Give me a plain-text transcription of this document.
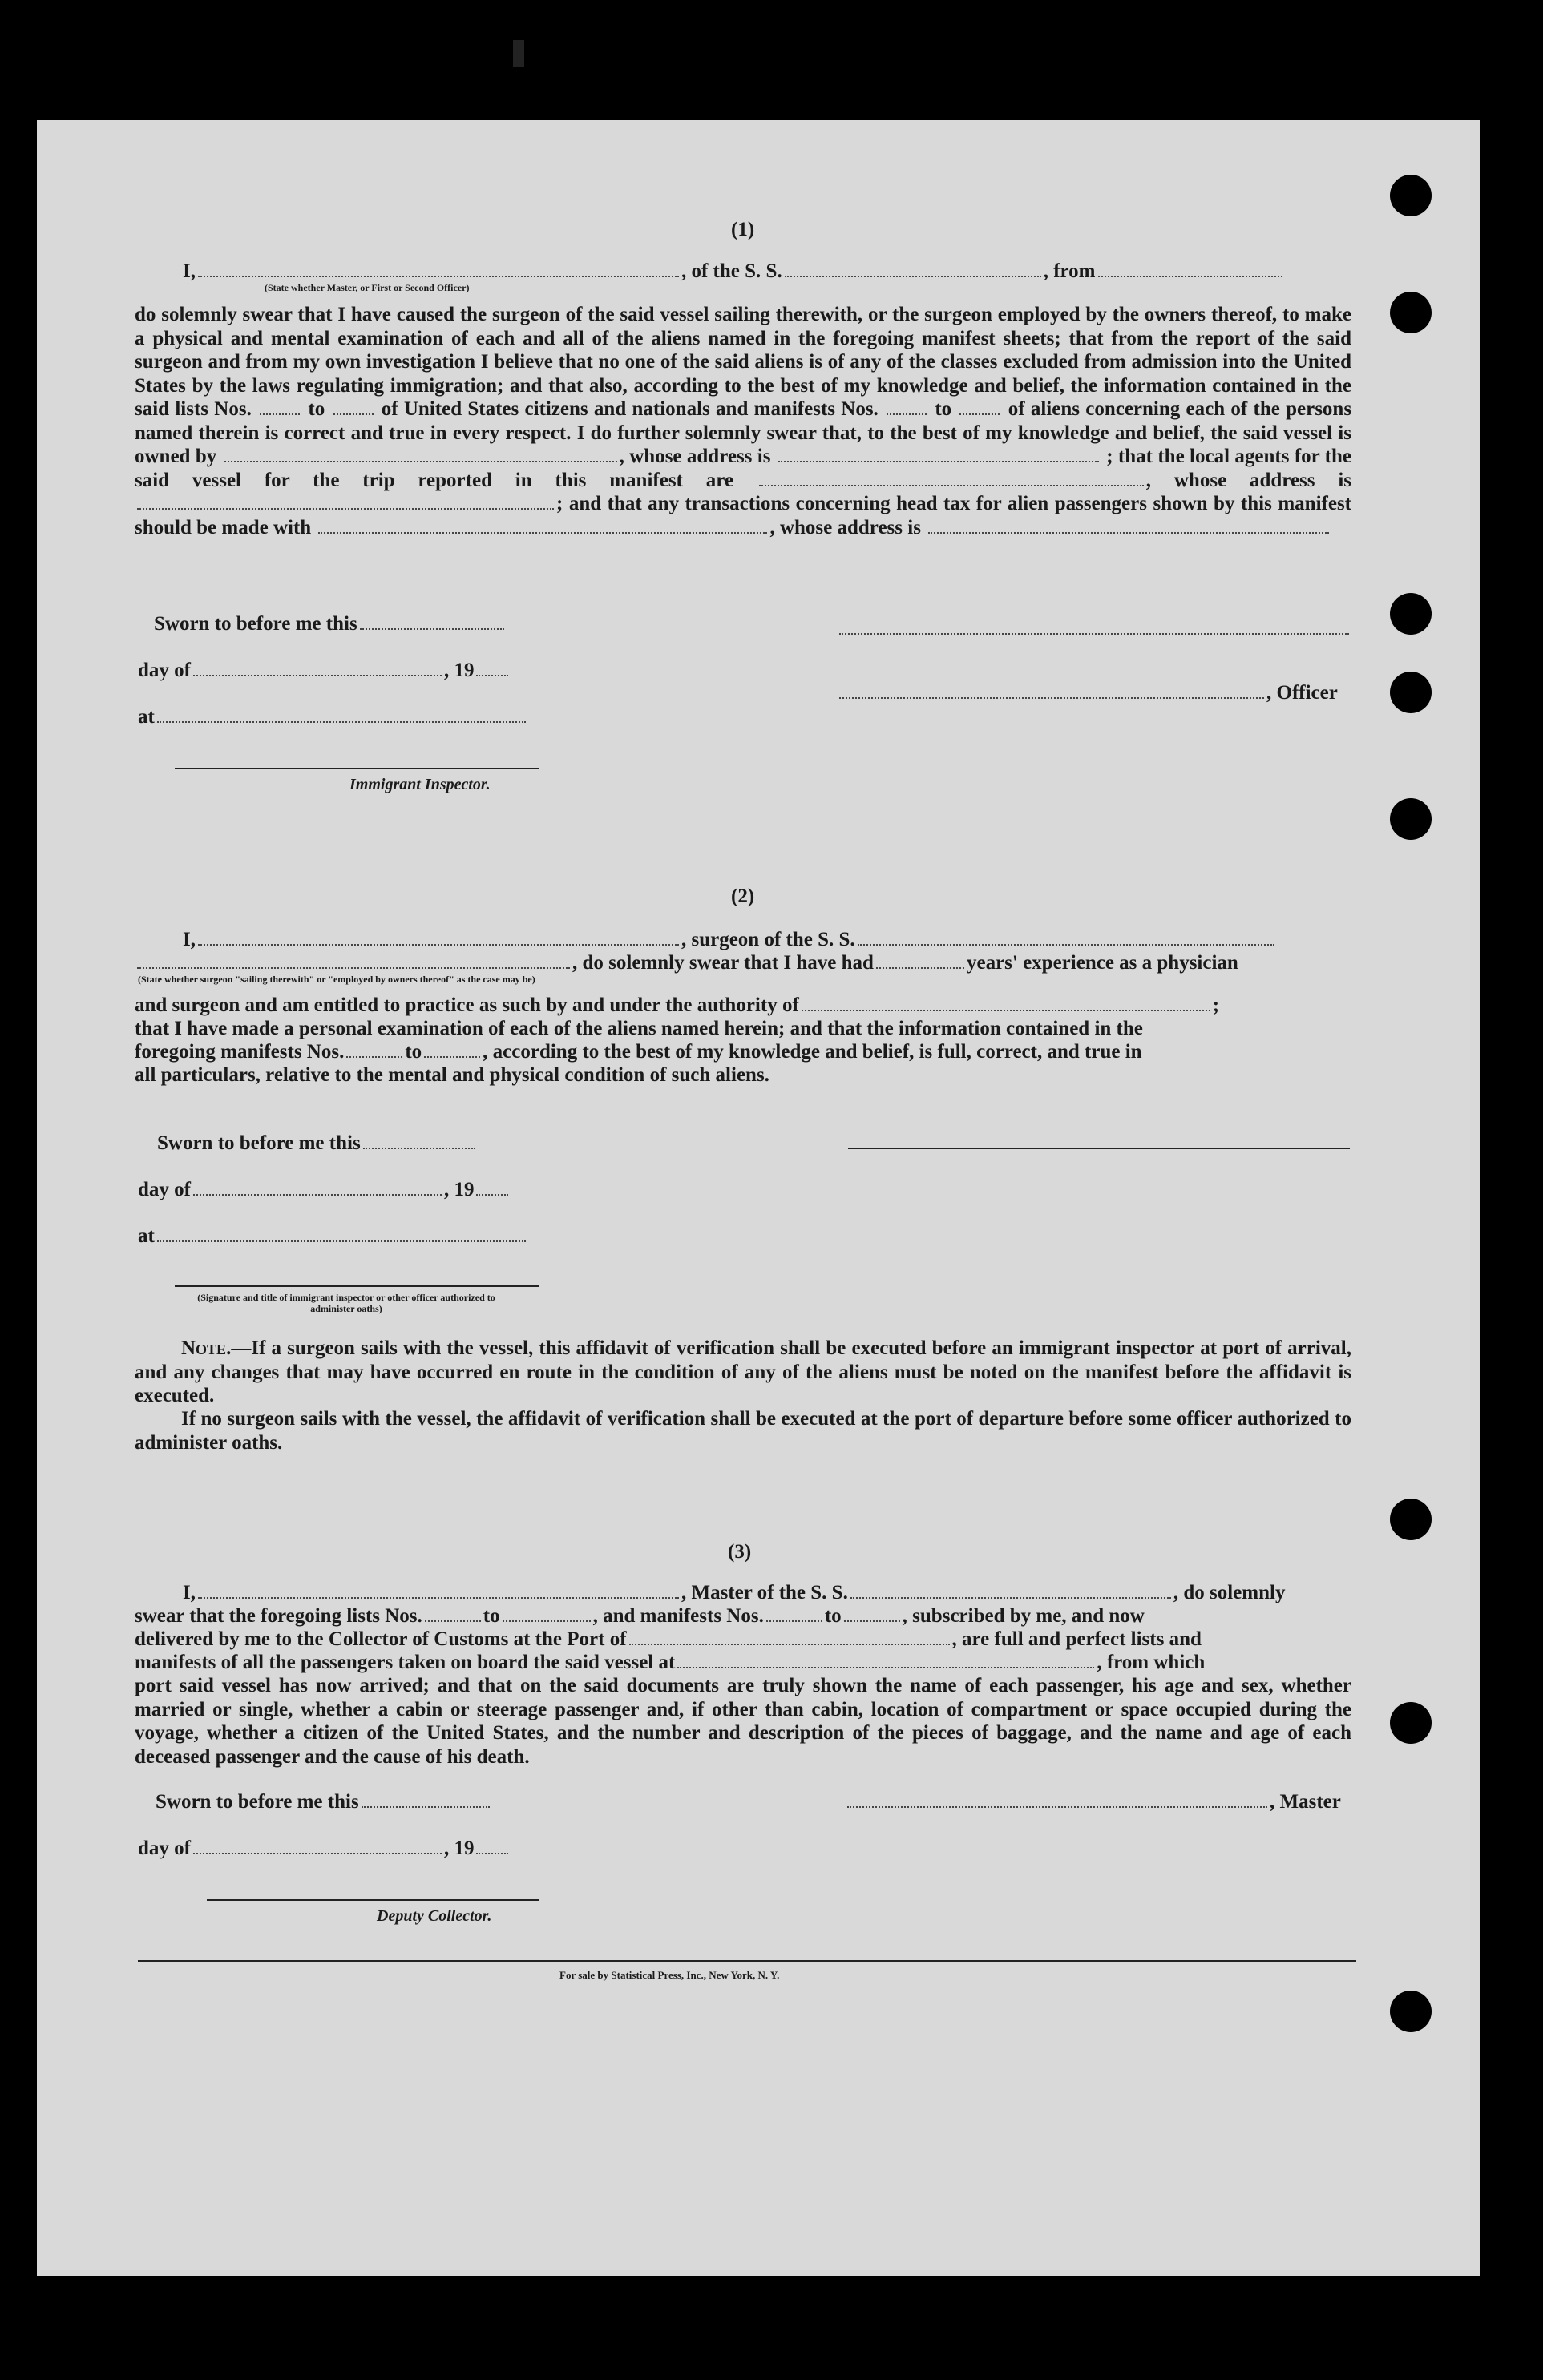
(1)
I,	, of the S. S.	, from
(State whether Master, or First or Second Officer)
do solemnly swear that I have caused the surgeon of the said vessel sailing therewith, or the surgeon employed by the owners thereof, to make a physical and mental examination of each and all of the aliens named in the foregoing manifest sheets; that from the report of the said surgeon and from my own investigation I believe that no one of the said aliens is of any of the classes excluded from admission into the United States by the laws regulating immigration; and that also, according to the best of my knowledge and belief, the information contained in the said lists Nos.	to	of United States citizens and nationals and manifests Nos.	to	of aliens concerning each of the persons named therein is correct and true in every respect. I do further solemnly swear that, to the best of my knowledge and belief, the said vessel is owned by	, whose address is	; that the local agents for the said vessel for the trip reported in this manifest are	, whose address is ; and that any transactions concerning head tax for alien passengers shown by this manifest should be made with	, whose address is
Sworn to before me this
day of	, 19
at
Immigrant Inspector.
, Officer
(2)
I,	, surgeon of the S. S.
, do solemnly swear that I have had	years' experience as a physician
(State whether surgeon "sailing therewith" or "employed by owners thereof" as the case may be)
and surgeon and am entitled to practice as such by and under the authority of	;
that I have made a personal examination of each of the aliens named herein; and that the information contained in the
foregoing manifests Nos.	to	, according to the best of my knowledge and belief, is full, correct, and true in
all particulars, relative to the mental and physical condition of such aliens.
Sworn to before me this
day of	, 19
at
(Signature and title of immigrant inspector or other officer authorized to administer oaths)
Note.—If a surgeon sails with the vessel, this affidavit of verification shall be executed before an immigrant inspector at port of arrival, and any changes that may have occurred en route in the condition of any of the aliens must be noted on the manifest before the affidavit is executed.
If no surgeon sails with the vessel, the affidavit of verification shall be executed at the port of departure before some officer authorized to administer oaths.
(3)
I,	, Master of the S. S.	, do solemnly
swear that the foregoing lists Nos.	to	, and manifests Nos.	to	, subscribed by me, and now
delivered by me to the Collector of Customs at the Port of	, are full and perfect lists and
manifests of all the passengers taken on board the said vessel at	, from which
port said vessel has now arrived; and that on the said documents are truly shown the name of each passenger, his age and sex, whether married or single, whether a cabin or steerage passenger and, if other than cabin, location of compartment or space occupied during the voyage, whether a citizen of the United States, and the number and description of the pieces of baggage, and the name and age of each deceased passenger and the cause of his death.
Sworn to before me this	, Master
day of	, 19
Deputy Collector.
For sale by Statistical Press, Inc., New York, N. Y.
